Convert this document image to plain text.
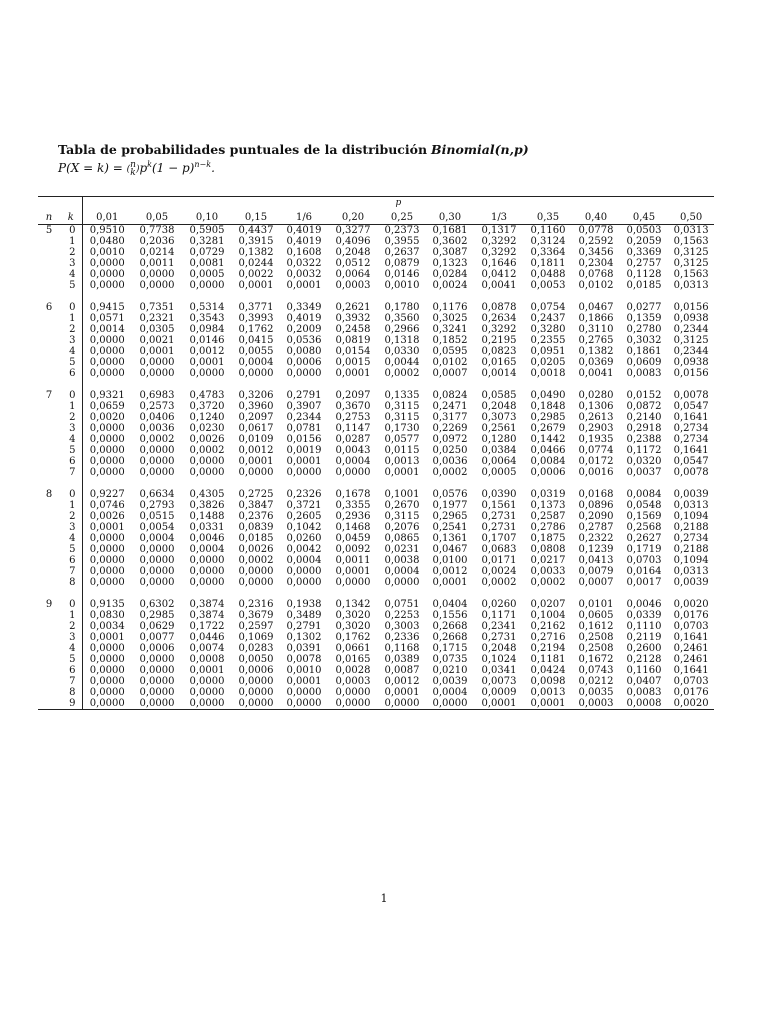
Tabla de probabilidades puntuales de la distribución Binomial(n,p)
P(X = k) = ( n
k )$p^k(1 - p)^{n-k}$.
		p												
n	k	0,01	0,05	0,10	0,15	1/6	0,20	0,25	0,30	1/3	0,35	0,40	0,45	0,50
5	0	0,9510	0,7738	0,5905	0,4437	0,4019	0,3277	0,2373	0,1681	0,1317	0,1160	0,0778	0,0503	0,0313
	1	0,0480	0,2036	0,3281	0,3915	0,4019	0,4096	0,3955	0,3602	0,3292	0,3124	0,2592	0,2059	0,1563
	2	0,0010	0,0214	0,0729	0,1382	0,1608	0,2048	0,2637	0,3087	0,3292	0,3364	0,3456	0,3369	0,3125
	3	0,0000	0,0011	0,0081	0,0244	0,0322	0,0512	0,0879	0,1323	0,1646	0,1811	0,2304	0,2757	0,3125
	4	0,0000	0,0000	0,0005	0,0022	0,0032	0,0064	0,0146	0,0284	0,0412	0,0488	0,0768	0,1128	0,1563
	5	0,0000	0,0000	0,0000	0,0001	0,0001	0,0003	0,0010	0,0024	0,0041	0,0053	0,0102	0,0185	0,0313

6	0	0,9415	0,7351	0,5314	0,3771	0,3349	0,2621	0,1780	0,1176	0,0878	0,0754	0,0467	0,0277	0,0156
	1	0,0571	0,2321	0,3543	0,3993	0,4019	0,3932	0,3560	0,3025	0,2634	0,2437	0,1866	0,1359	0,0938
	2	0,0014	0,0305	0,0984	0,1762	0,2009	0,2458	0,2966	0,3241	0,3292	0,3280	0,3110	0,2780	0,2344
	3	0,0000	0,0021	0,0146	0,0415	0,0536	0,0819	0,1318	0,1852	0,2195	0,2355	0,2765	0,3032	0,3125
	4	0,0000	0,0001	0,0012	0,0055	0,0080	0,0154	0,0330	0,0595	0,0823	0,0951	0,1382	0,1861	0,2344
	5	0,0000	0,0000	0,0001	0,0004	0,0006	0,0015	0,0044	0,0102	0,0165	0,0205	0,0369	0,0609	0,0938
	6	0,0000	0,0000	0,0000	0,0000	0,0000	0,0001	0,0002	0,0007	0,0014	0,0018	0,0041	0,0083	0,0156

7	0	0,9321	0,6983	0,4783	0,3206	0,2791	0,2097	0,1335	0,0824	0,0585	0,0490	0,0280	0,0152	0,0078
	1	0,0659	0,2573	0,3720	0,3960	0,3907	0,3670	0,3115	0,2471	0,2048	0,1848	0,1306	0,0872	0,0547
	2	0,0020	0,0406	0,1240	0,2097	0,2344	0,2753	0,3115	0,3177	0,3073	0,2985	0,2613	0,2140	0,1641
	3	0,0000	0,0036	0,0230	0,0617	0,0781	0,1147	0,1730	0,2269	0,2561	0,2679	0,2903	0,2918	0,2734
	4	0,0000	0,0002	0,0026	0,0109	0,0156	0,0287	0,0577	0,0972	0,1280	0,1442	0,1935	0,2388	0,2734
	5	0,0000	0,0000	0,0002	0,0012	0,0019	0,0043	0,0115	0,0250	0,0384	0,0466	0,0774	0,1172	0,1641
	6	0,0000	0,0000	0,0000	0,0001	0,0001	0,0004	0,0013	0,0036	0,0064	0,0084	0,0172	0,0320	0,0547
	7	0,0000	0,0000	0,0000	0,0000	0,0000	0,0000	0,0001	0,0002	0,0005	0,0006	0,0016	0,0037	0,0078

8	0	0,9227	0,6634	0,4305	0,2725	0,2326	0,1678	0,1001	0,0576	0,0390	0,0319	0,0168	0,0084	0,0039
	1	0,0746	0,2793	0,3826	0,3847	0,3721	0,3355	0,2670	0,1977	0,1561	0,1373	0,0896	0,0548	0,0313
	2	0,0026	0,0515	0,1488	0,2376	0,2605	0,2936	0,3115	0,2965	0,2731	0,2587	0,2090	0,1569	0,1094
	3	0,0001	0,0054	0,0331	0,0839	0,1042	0,1468	0,2076	0,2541	0,2731	0,2786	0,2787	0,2568	0,2188
	4	0,0000	0,0004	0,0046	0,0185	0,0260	0,0459	0,0865	0,1361	0,1707	0,1875	0,2322	0,2627	0,2734
	5	0,0000	0,0000	0,0004	0,0026	0,0042	0,0092	0,0231	0,0467	0,0683	0,0808	0,1239	0,1719	0,2188
	6	0,0000	0,0000	0,0000	0,0002	0,0004	0,0011	0,0038	0,0100	0,0171	0,0217	0,0413	0,0703	0,1094
	7	0,0000	0,0000	0,0000	0,0000	0,0000	0,0001	0,0004	0,0012	0,0024	0,0033	0,0079	0,0164	0,0313
	8	0,0000	0,0000	0,0000	0,0000	0,0000	0,0000	0,0000	0,0001	0,0002	0,0002	0,0007	0,0017	0,0039

9	0	0,9135	0,6302	0,3874	0,2316	0,1938	0,1342	0,0751	0,0404	0,0260	0,0207	0,0101	0,0046	0,0020
	1	0,0830	0,2985	0,3874	0,3679	0,3489	0,3020	0,2253	0,1556	0,1171	0,1004	0,0605	0,0339	0,0176
	2	0,0034	0,0629	0,1722	0,2597	0,2791	0,3020	0,3003	0,2668	0,2341	0,2162	0,1612	0,1110	0,0703
	3	0,0001	0,0077	0,0446	0,1069	0,1302	0,1762	0,2336	0,2668	0,2731	0,2716	0,2508	0,2119	0,1641
	4	0,0000	0,0006	0,0074	0,0283	0,0391	0,0661	0,1168	0,1715	0,2048	0,2194	0,2508	0,2600	0,2461
	5	0,0000	0,0000	0,0008	0,0050	0,0078	0,0165	0,0389	0,0735	0,1024	0,1181	0,1672	0,2128	0,2461
	6	0,0000	0,0000	0,0001	0,0006	0,0010	0,0028	0,0087	0,0210	0,0341	0,0424	0,0743	0,1160	0,1641
	7	0,0000	0,0000	0,0000	0,0000	0,0001	0,0003	0,0012	0,0039	0,0073	0,0098	0,0212	0,0407	0,0703
	8	0,0000	0,0000	0,0000	0,0000	0,0000	0,0000	0,0001	0,0004	0,0009	0,0013	0,0035	0,0083	0,0176
	9	0,0000	0,0000	0,0000	0,0000	0,0000	0,0000	0,0000	0,0000	0,0001	0,0001	0,0003	0,0008	0,0020
1
